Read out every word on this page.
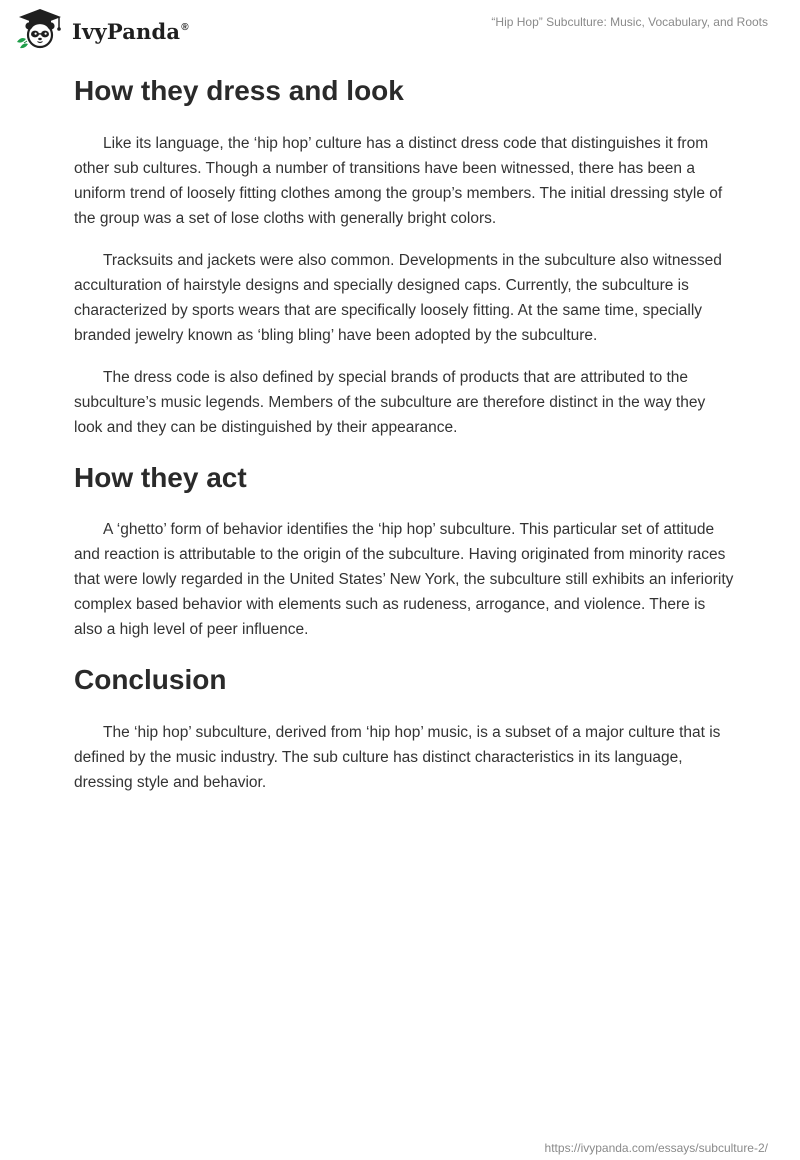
IvyPanda®	“Hip Hop” Subculture: Music, Vocabulary, and Roots
How they dress and look

Like its language, the ‘hip hop’ culture has a distinct dress code that distinguishes it from other sub cultures. Though a number of transitions have been witnessed, there has been a uniform trend of loosely fitting clothes among the group’s members. The initial dressing style of the group was a set of lose cloths with generally bright colors.

Tracksuits and jackets were also common. Developments in the subculture also witnessed acculturation of hairstyle designs and specially designed caps. Currently, the subculture is characterized by sports wears that are specifically loosely fitting. At the same time, specially branded jewelry known as ‘bling bling’ have been adopted by the subculture.

The dress code is also defined by special brands of products that are attributed to the subculture’s music legends. Members of the subculture are therefore distinct in the way they look and they can be distinguished by their appearance.

How they act

A ‘ghetto’ form of behavior identifies the ‘hip hop’ subculture. This particular set of attitude and reaction is attributable to the origin of the subculture. Having originated from minority races that were lowly regarded in the United States’ New York, the subculture still exhibits an inferiority complex based behavior with elements such as rudeness, arrogance, and violence. There is also a high level of peer influence.

Conclusion

The ‘hip hop’ subculture, derived from ‘hip hop’ music, is a subset of a major culture that is defined by the music industry. The sub culture has distinct characteristics in its language, dressing style and behavior.

https://ivypanda.com/essays/subculture-2/
